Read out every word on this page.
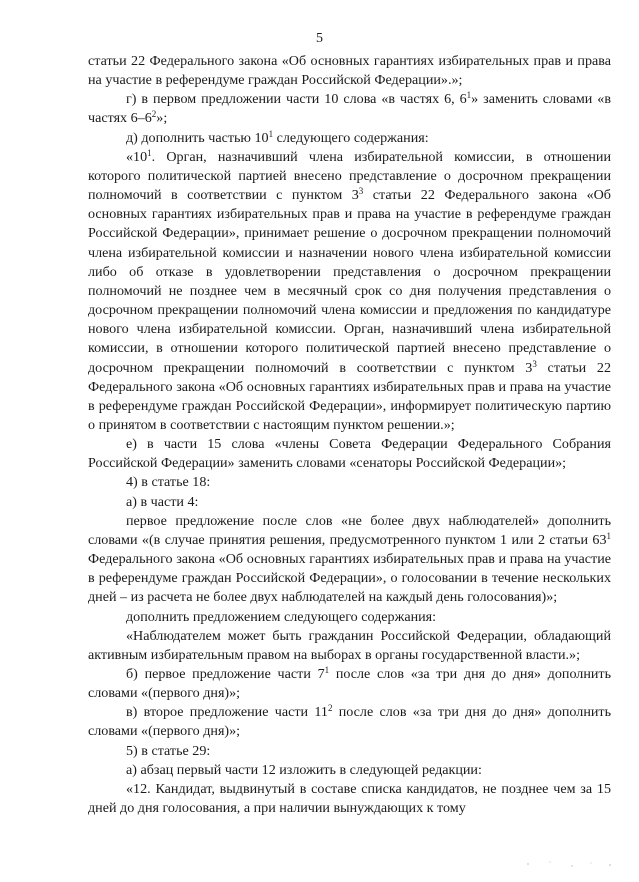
5

статьи 22 Федерального закона «Об основных гарантиях избирательных прав и права на участие в референдуме граждан Российской Федерации».»;

г) в первом предложении части 10 слова «в частях 6, $6^1$» заменить словами «в частях $6-6^2$»;

д) дополнить частью $10^1$ следующего содержания:

«$10^1$. Орган, назначивший члена избирательной комиссии, в отношении которого политической партией внесено представление о досрочном прекращении полномочий в соответствии с пунктом $3^3$ статьи 22 Федерального закона «Об основных гарантиях избирательных прав и права на участие в референдуме граждан Российской Федерации», принимает решение о досрочном прекращении полномочий члена избирательной комиссии и назначении нового члена избирательной комиссии либо об отказе в удовлетворении представления о досрочном прекращении полномочий не позднее чем в месячный срок со дня получения представления о досрочном прекращении полномочий члена комиссии и предложения по кандидатуре нового члена избирательной комиссии. Орган, назначивший члена избирательной комиссии, в отношении которого политической партией внесено представление о досрочном прекращении полномочий в соответствии с пунктом $3^3$ статьи 22 Федерального закона «Об основных гарантиях избирательных прав и права на участие в референдуме граждан Российской Федерации», информирует политическую партию о принятом в соответствии с настоящим пунктом решении.»;

е) в части 15 слова «члены Совета Федерации Федерального Собрания Российской Федерации» заменить словами «сенаторы Российской Федерации»;

4) в статье 18:

а) в части 4:

первое предложение после слов «не более двух наблюдателей» дополнить словами «(в случае принятия решения, предусмотренного пунктом 1 или 2 статьи $63^1$ Федерального закона «Об основных гарантиях избирательных прав и права на участие в референдуме граждан Российской Федерации», о голосовании в течение нескольких дней – из расчета не более двух наблюдателей на каждый день голосования)»;

дополнить предложением следующего содержания:

«Наблюдателем может быть гражданин Российской Федерации, обладающий активным избирательным правом на выборах в органы государственной власти.»;

б) первое предложение части $7^1$ после слов «за три дня до дня» дополнить словами «(первого дня)»;

в) второе предложение части $11^2$ после слов «за три дня до дня» дополнить словами «(первого дня)»;

5) в статье 29:

а) абзац первый части 12 изложить в следующей редакции:

«12. Кандидат, выдвинутый в составе списка кандидатов, не позднее чем за 15 дней до дня голосования, а при наличии вынуждающих к тому
